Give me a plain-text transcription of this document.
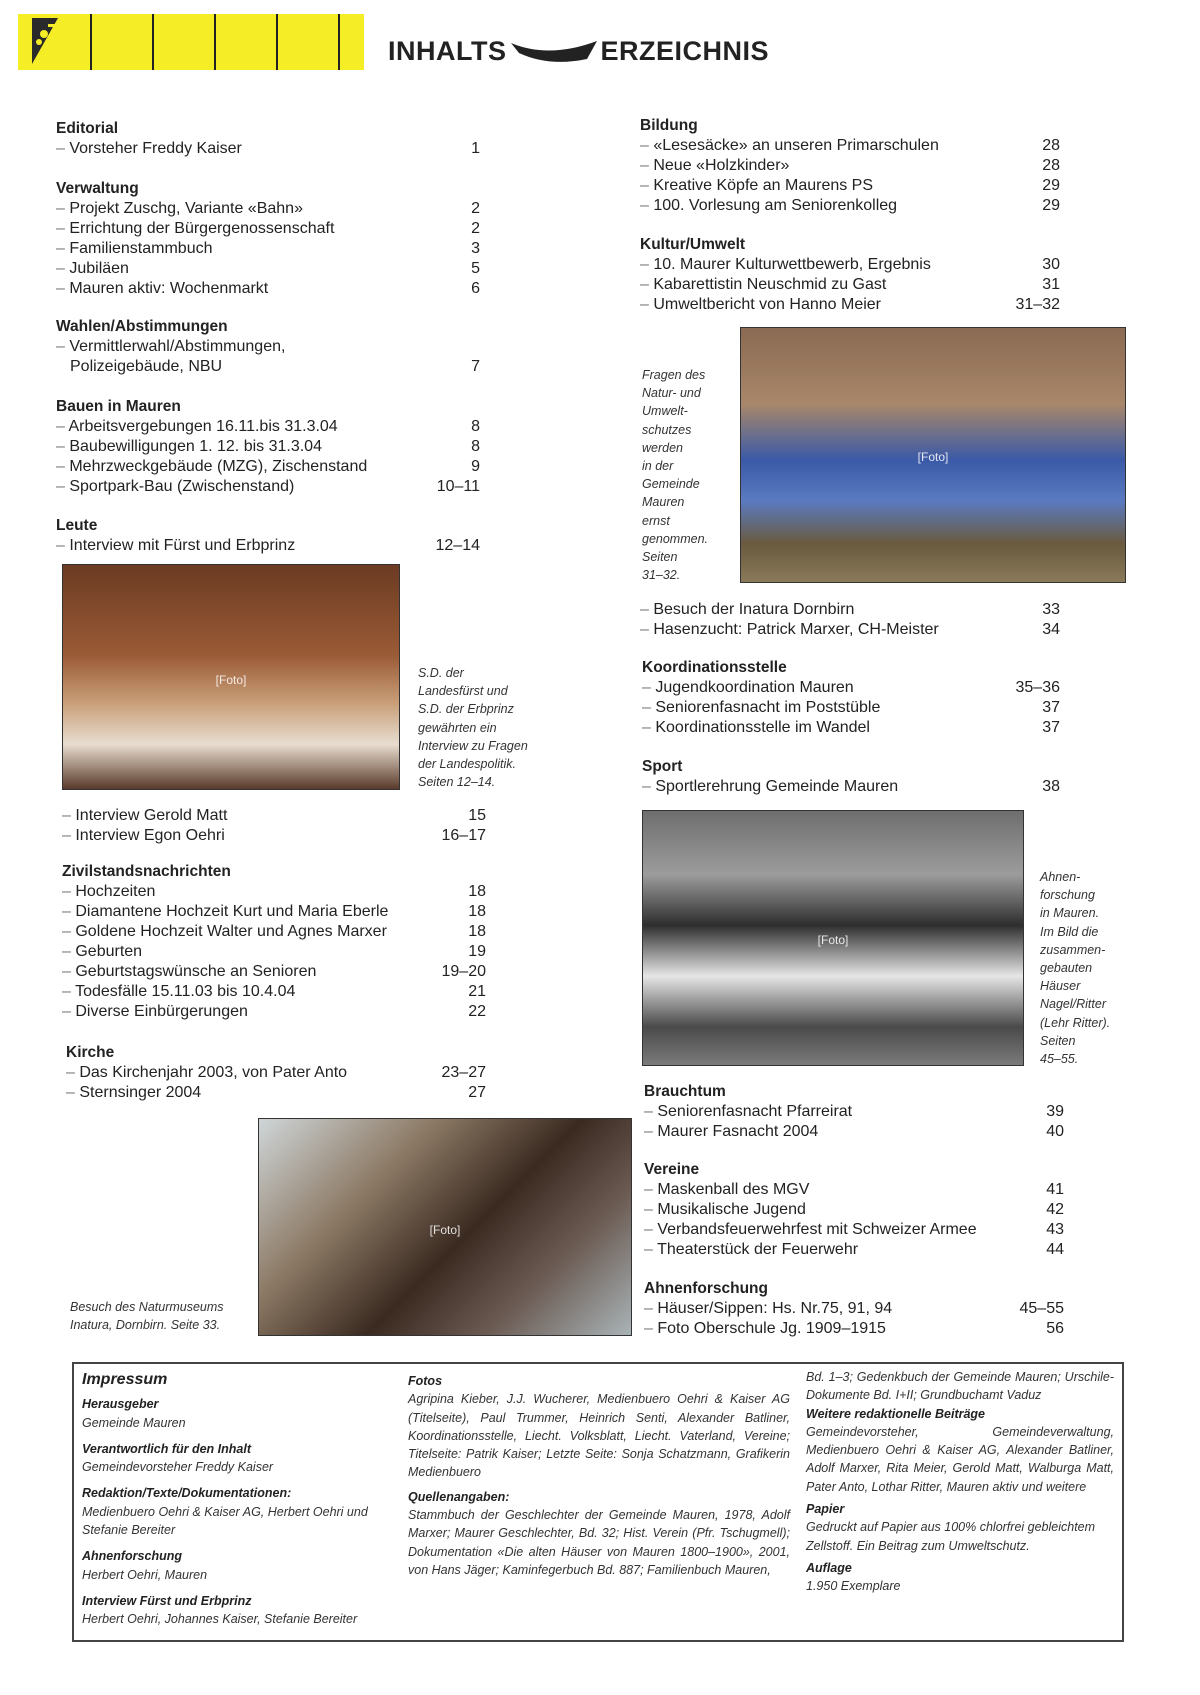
INHALTS	ERZEICHNIS
Editorial
– Vorsteher Freddy Kaiser	1
Verwaltung
– Projekt Zuschg, Variante «Bahn»	2
– Errichtung der Bürgergenossenschaft	2
– Familienstammbuch	3
– Jubiläen	5
– Mauren aktiv: Wochenmarkt	6
Wahlen/Abstimmungen
– Vermittlerwahl/Abstimmungen,
Polizeigebäude, NBU	7
Bauen in Mauren
– Arbeitsvergebungen 16.11.bis 31.3.04	8
– Baubewilligungen 1. 12. bis 31.3.04	8
– Mehrzweckgebäude (MZG), Zischenstand	9
– Sportpark-Bau (Zwischenstand)	10–11
Leute
– Interview mit Fürst und Erbprinz	12–14
[Foto]	S.D. der
Landesfürst und
S.D. der Erbprinz
gewährten ein
Interview zu Fragen
der Landespolitik.
Seiten 12–14.
– Interview Gerold Matt	15
– Interview Egon Oehri	16–17
Zivilstandsnachrichten
– Hochzeiten	18
– Diamantene Hochzeit Kurt und Maria Eberle	18
– Goldene Hochzeit Walter und Agnes Marxer	18
– Geburten	19
– Geburtstagswünsche an Senioren	19–20
– Todesfälle 15.11.03 bis 10.4.04	21
– Diverse Einbürgerungen	22
Kirche
– Das Kirchenjahr 2003, von Pater Anto	23–27
– Sternsinger 2004	27
[Foto]
Besuch des Naturmuseums
Inatura, Dornbirn. Seite 33.
Bildung
– «Lesesäcke» an unseren Primarschulen	28
– Neue «Holzkinder»	28
– Kreative Köpfe an Maurens PS	29
– 100. Vorlesung am Seniorenkolleg	29
Kultur/Umwelt
– 10. Maurer Kulturwettbewerb, Ergebnis	30
– Kabarettistin Neuschmid zu Gast	31
– Umweltbericht von Hanno Meier	31–32
Fragen des
Natur- und
Umwelt-
schutzes
werden
in der
Gemeinde
Mauren
ernst
genommen.
Seiten
31–32.
[Foto]
– Besuch der Inatura Dornbirn	33
– Hasenzucht: Patrick Marxer, CH-Meister	34
Koordinationsstelle
– Jugendkoordination Mauren	35–36
– Seniorenfasnacht im Poststüble	37
– Koordinationsstelle im Wandel	37
Sport
– Sportlerehrung Gemeinde Mauren	38
[Foto]
Ahnen-
forschung
in Mauren.
Im Bild die
zusammen-
gebauten
Häuser
Nagel/Ritter
(Lehr Ritter).
Seiten
45–55.
Brauchtum
– Seniorenfasnacht Pfarreirat	39
– Maurer Fasnacht 2004	40
Vereine
– Maskenball des MGV	41
– Musikalische Jugend	42
– Verbandsfeuerwehrfest mit Schweizer Armee	43
– Theaterstück der Feuerwehr	44
Ahnenforschung
– Häuser/Sippen: Hs. Nr.75, 91, 94	45–55
– Foto Oberschule Jg. 1909–1915	56

Impressum

Herausgeber

Gemeinde Mauren

Verantwortlich für den Inhalt

Gemeindevorsteher Freddy Kaiser

Redaktion/Texte/Dokumentationen:

Medienbuero Oehri & Kaiser AG, Herbert Oehri und Stefanie Bereiter

Ahnenforschung

Herbert Oehri, Mauren

Interview Fürst und Erbprinz

Herbert Oehri, Johannes Kaiser, Stefanie Bereiter

Fotos

Agripina Kieber, J.J. Wucherer, Medienbuero Oehri & Kaiser AG (Titelseite), Paul Trummer, Heinrich Senti, Alexander Batliner, Koordinationsstelle, Liecht. Volksblatt, Liecht. Vaterland, Vereine; Titelseite: Patrik Kaiser; Letzte Seite: Sonja Schatzmann, Grafikerin Medienbuero

Quellenangaben:

Stammbuch der Geschlechter der Gemeinde Mauren, 1978, Adolf Marxer; Maurer Geschlechter, Bd. 32; Hist. Verein (Pfr. Tschugmell); Dokumentation «Die alten Häuser von Mauren 1800–1900», 2001, von Hans Jäger; Kaminfegerbuch Bd. 887; Familienbuch Mauren,

Bd. 1–3; Gedenkbuch der Gemeinde Mauren; Urschile-Dokumente Bd. I+II; Grundbuchamt Vaduz

Weitere redaktionelle Beiträge

Gemeindevorsteher, Gemeindeverwaltung, Medienbuero Oehri & Kaiser AG, Alexander Batliner, Adolf Marxer, Rita Meier, Gerold Matt, Walburga Matt, Pater Anto, Lothar Ritter, Mauren aktiv und weitere

Papier

Gedruckt auf Papier aus 100% chlorfrei gebleichtem Zellstoff. Ein Beitrag zum Umweltschutz.

Auflage

1.950 Exemplare
